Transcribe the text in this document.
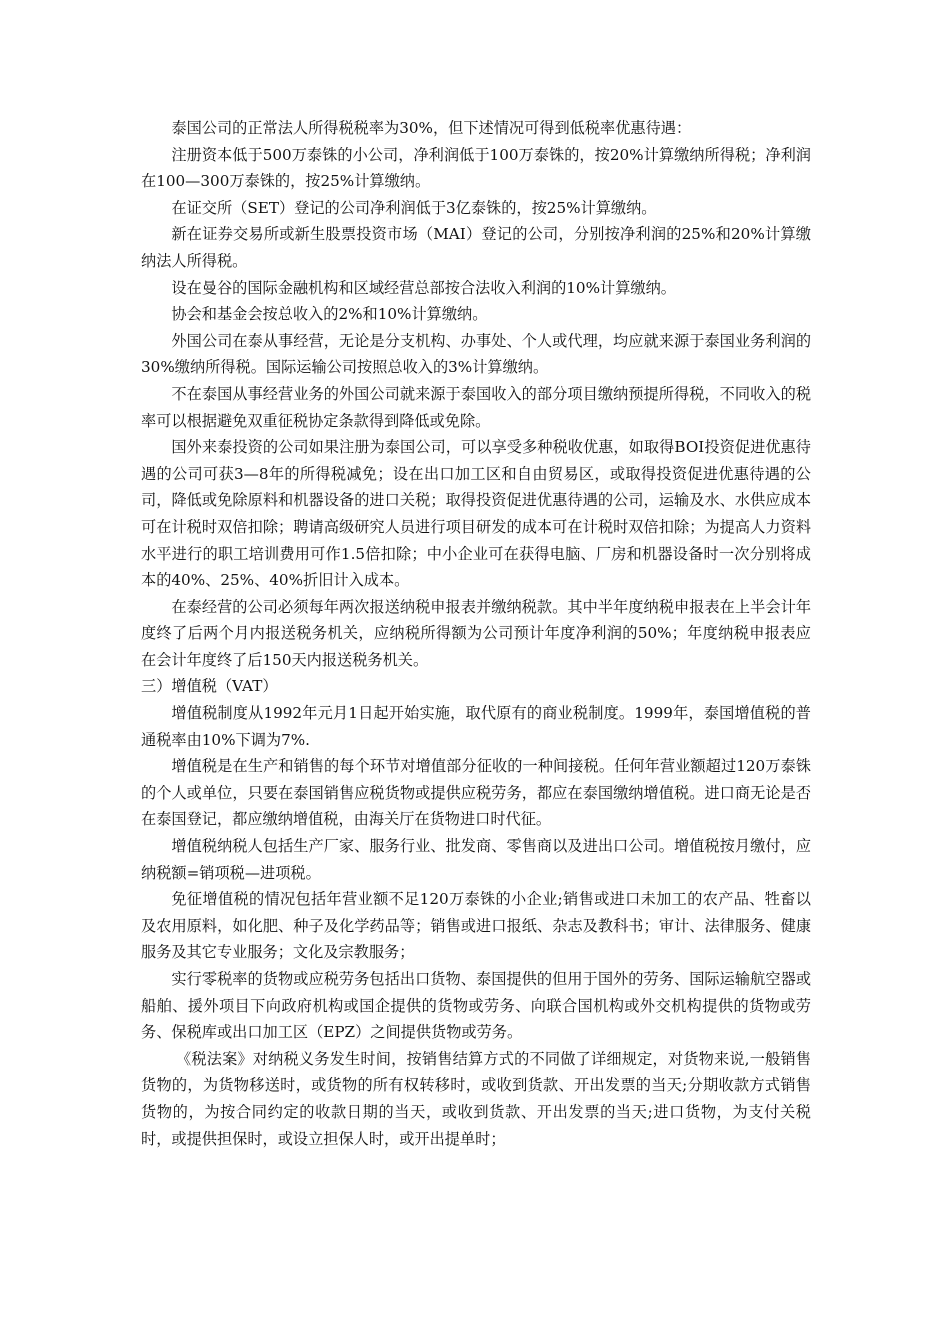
泰国公司的正常法人所得税税率为30%，但下述情况可得到低税率优惠待遇：

注册资本低于500万泰铢的小公司，净利润低于100万泰铢的，按20%计算缴纳所得税；净利润在100—300万泰铢的，按25%计算缴纳。

在证交所（SET）登记的公司净利润低于3亿泰铢的，按25%计算缴纳。

新在证券交易所或新生股票投资市场（MAI）登记的公司，分别按净利润的25%和20%计算缴纳法人所得税。

设在曼谷的国际金融机构和区域经营总部按合法收入利润的10%计算缴纳。

协会和基金会按总收入的2%和10%计算缴纳。

外国公司在泰从事经营，无论是分支机构、办事处、个人或代理，均应就来源于泰国业务利润的30%缴纳所得税。国际运输公司按照总收入的3%计算缴纳。

不在泰国从事经营业务的外国公司就来源于泰国收入的部分项目缴纳预提所得税，不同收入的税率可以根据避免双重征税协定条款得到降低或免除。

国外来泰投资的公司如果注册为泰国公司，可以享受多种税收优惠，如取得BOI投资促进优惠待遇的公司可获3—8年的所得税减免；设在出口加工区和自由贸易区，或取得投资促进优惠待遇的公司，降低或免除原料和机器设备的进口关税；取得投资促进优惠待遇的公司，运输及水、水供应成本可在计税时双倍扣除；聘请高级研究人员进行项目研发的成本可在计税时双倍扣除；为提高人力资料水平进行的职工培训费用可作1.5倍扣除；中小企业可在获得电脑、厂房和机器设备时一次分别将成本的40%、25%、40%折旧计入成本。

在泰经营的公司必须每年两次报送纳税申报表并缴纳税款。其中半年度纳税申报表在上半会计年度终了后两个月内报送税务机关，应纳税所得额为公司预计年度净利润的50%；年度纳税申报表应在会计年度终了后150天内报送税务机关。

三）增值税（VAT）

增值税制度从1992年元月1日起开始实施，取代原有的商业税制度。1999年，泰国增值税的普通税率由10%下调为7%.

增值税是在生产和销售的每个环节对增值部分征收的一种间接税。任何年营业额超过120万泰铢的个人或单位，只要在泰国销售应税货物或提供应税劳务，都应在泰国缴纳增值税。进口商无论是否在泰国登记，都应缴纳增值税，由海关厅在货物进口时代征。

增值税纳税人包括生产厂家、服务行业、批发商、零售商以及进出口公司。增值税按月缴付，应纳税额=销项税—进项税。

免征增值税的情况包括年营业额不足120万泰铢的小企业;销售或进口未加工的农产品、牲畜以及农用原料，如化肥、种子及化学药品等；销售或进口报纸、杂志及教科书；审计、法律服务、健康服务及其它专业服务；文化及宗教服务；

实行零税率的货物或应税劳务包括出口货物、泰国提供的但用于国外的劳务、国际运输航空器或船舶、援外项目下向政府机构或国企提供的货物或劳务、向联合国机构或外交机构提供的货物或劳务、保税库或出口加工区（EPZ）之间提供货物或劳务。

《税法案》对纳税义务发生时间，按销售结算方式的不同做了详细规定，对货物来说,一般销售货物的，为货物移送时，或货物的所有权转移时，或收到货款、开出发票的当天;分期收款方式销售货物的，为按合同约定的收款日期的当天，或收到货款、开出发票的当天;进口货物，为支付关税时，或提供担保时，或设立担保人时，或开出提单时；
